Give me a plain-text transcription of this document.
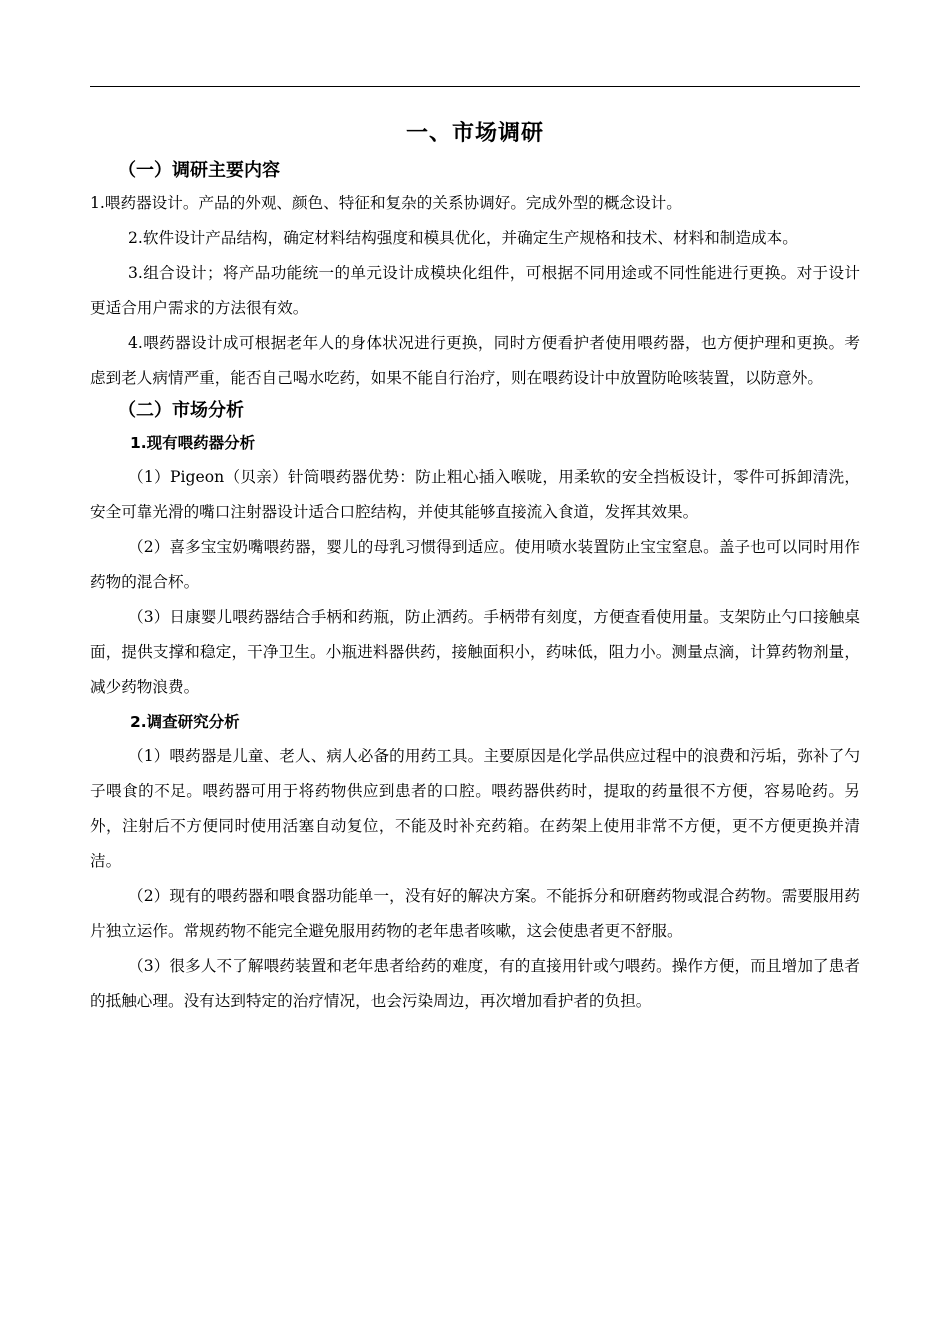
一、市场调研
（一）调研主要内容

1.喂药器设计。产品的外观、颜色、特征和复杂的关系协调好。完成外型的概念设计。

2.软件设计产品结构，确定材料结构强度和模具优化，并确定生产规格和技术、材料和制造成本。

3.组合设计；将产品功能统一的单元设计成模块化组件，可根据不同用途或不同性能进行更换。对于设计更适合用户需求的方法很有效。

4.喂药器设计成可根据老年人的身体状况进行更换，同时方便看护者使用喂药器，也方便护理和更换。考虑到老人病情严重，能否自己喝水吃药，如果不能自行治疗，则在喂药设计中放置防呛咳装置，以防意外。

（二）市场分析
1.现有喂药器分析

（1）Pigeon（贝亲）针筒喂药器优势：防止粗心插入喉咙，用柔软的安全挡板设计，零件可拆卸清洗，安全可靠光滑的嘴口注射器设计适合口腔结构，并使其能够直接流入食道，发挥其效果。

（2）喜多宝宝奶嘴喂药器，婴儿的母乳习惯得到适应。使用喷水装置防止宝宝窒息。盖子也可以同时用作药物的混合杯。

（3）日康婴儿喂药器结合手柄和药瓶，防止洒药。手柄带有刻度，方便查看使用量。支架防止勺口接触桌面，提供支撑和稳定，干净卫生。小瓶进料器供药，接触面积小，药味低，阻力小。测量点滴，计算药物剂量，减少药物浪费。

2.调查研究分析

（1）喂药器是儿童、老人、病人必备的用药工具。主要原因是化学品供应过程中的浪费和污垢，弥补了勺子喂食的不足。喂药器可用于将药物供应到患者的口腔。喂药器供药时，提取的药量很不方便，容易呛药。另外，注射后不方便同时使用活塞自动复位，不能及时补充药箱。在药架上使用非常不方便，更不方便更换并清洁。

（2）现有的喂药器和喂食器功能单一，没有好的解决方案。不能拆分和研磨药物或混合药物。需要服用药片独立运作。常规药物不能完全避免服用药物的老年患者咳嗽，这会使患者更不舒服。

（3）很多人不了解喂药装置和老年患者给药的难度，有的直接用针或勺喂药。操作方便，而且增加了患者的抵触心理。没有达到特定的治疗情况，也会污染周边，再次增加看护者的负担。
